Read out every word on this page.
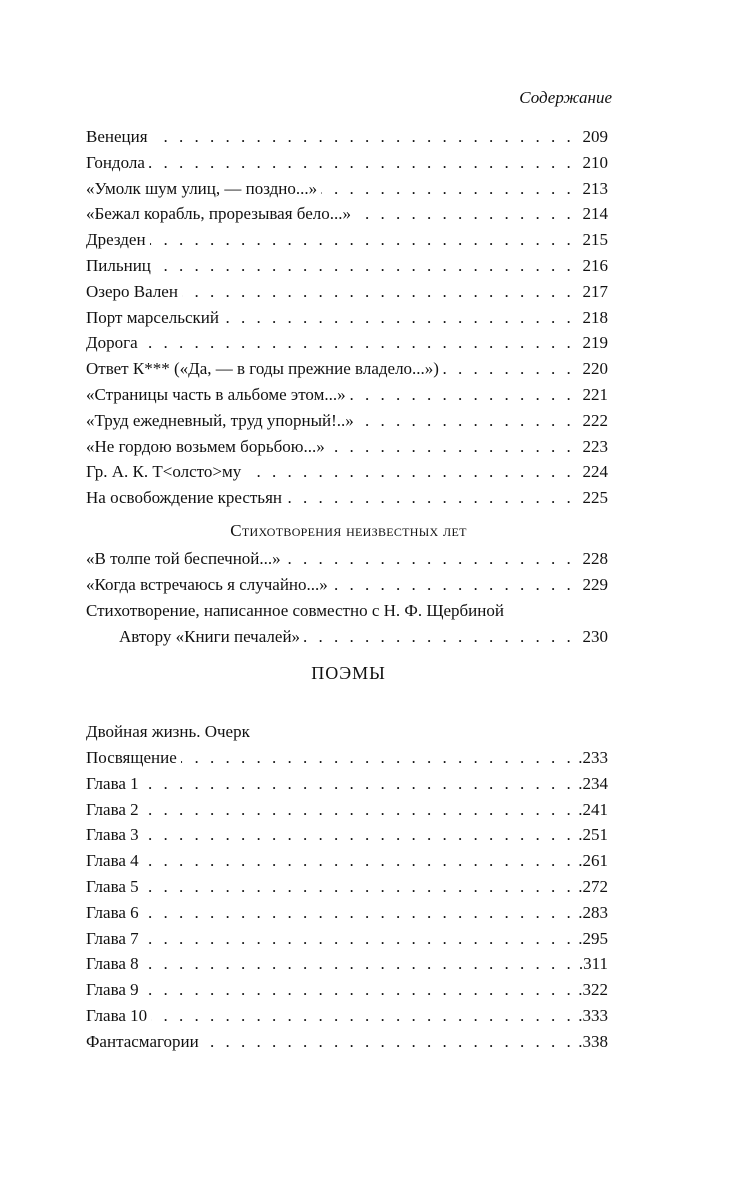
Содержание
Венеция	209
. . .
Гондола	210
. . .
«Умолк шум улиц, — поздно...»	213
. . .
«Бежал корабль, прорезывая бело...»	214
. . .
Дрезден	215
. . .
Пильниц	216
. . .
Озеро Вален	217
. . .
Порт марсельский	218
. . .
Дорога	219
. . .
Ответ К*** («Да, — в годы прежние владело...»)	220
. . .
«Страницы часть в альбоме этом...»	221
. . .
«Труд ежедневный, труд упорный!..»	222
. . .
«Не гордою возьмем борьбою...»	223
. . .
Гр. А. К. Т<олсто>му	224
. . .
На освобождение крестьян	225
. . .
Стихотворения неизвестных лет
«В толпе той беспечной...»	228
. . .
«Когда встречаюсь я случайно...»	229
. . .
Стихотворение, написанное совместно с Н. Ф. Щербиной
Автору «Книги печалей»	230
. . .
ПОЭМЫ
Двойная жизнь. Очерк
Посвящение	.233
. . .
Глава 1	.234
. . .
Глава 2	.241
. . .
Глава 3	.251
. . .
Глава 4	.261
. . .
Глава 5	.272
. . .
Глава 6	.283
. . .
Глава 7	.295
. . .
Глава 8	.311
. . .
Глава 9	.322
. . .
Глава 10	.333
. . .
Фантасмагории	.338
. . .
